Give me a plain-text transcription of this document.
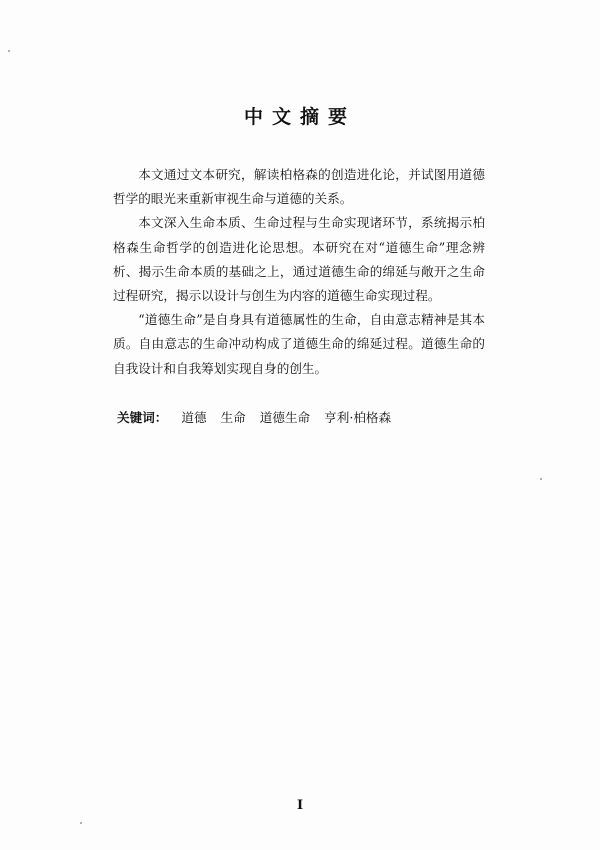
中文摘要

本文通过文本研究，解读柏格森的创造进化论，并试图用道德哲学的眼光来重新审视生命与道德的关系。

本文深入生命本质、生命过程与生命实现诸环节，系统揭示柏格森生命哲学的创造进化论思想。本研究在对“道德生命”理念辨析、揭示生命本质的基础之上，通过道德生命的绵延与敞开之生命过程研究，揭示以设计与创生为内容的道德生命实现过程。

“道德生命”是自身具有道德属性的生命，自由意志精神是其本质。自由意志的生命冲动构成了道德生命的绵延过程。道德生命的自我设计和自我筹划实现自身的创生。

关键词： 道德 生命 道德生命 亨利·柏格森
I
